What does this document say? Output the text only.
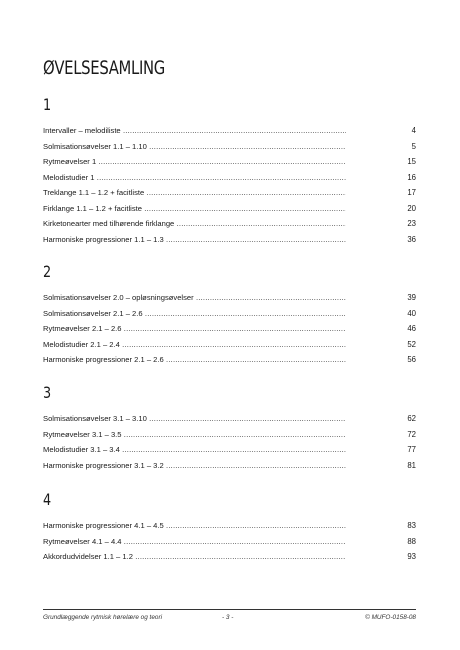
ØVELSESAMLING
1
Intervaller – melodiliste .....	4
Solmisationsøvelser 1.1 – 1.10 .....	5
Rytmeøvelser 1 .....	15
Melodistudier 1 .....	16
Treklange 1.1 – 1.2 + facitliste .....	17
Firklange 1.1 – 1.2 + facitliste .....	20
Kirketonearter med tilhørende firklange .....	23
Harmoniske progressioner 1.1 – 1.3 .....	36
2
Solmisationsøvelser 2.0 – opløsningsøvelser .....	39
Solmisationsøvelser 2.1 – 2.6 .....	40
Rytmeøvelser 2.1 – 2.6 .....	46
Melodistudier 2.1 – 2.4 .....	52
Harmoniske progressioner 2.1 – 2.6 .....	56
3
Solmisationsøvelser 3.1 – 3.10 .....	62
Rytmeøvelser 3.1 – 3.5 .....	72
Melodistudier 3.1 – 3.4 .....	77
Harmoniske progressioner 3.1 – 3.2 .....	81
4
Harmoniske progressioner 4.1 – 4.5 .....	83
Rytmeøvelser 4.1 – 4.4 .....	88
Akkordudvidelser 1.1 – 1.2 .....	93
Grundlæggende rytmisk hørelære og teori	- 3 -	© MUFO-0158-08
